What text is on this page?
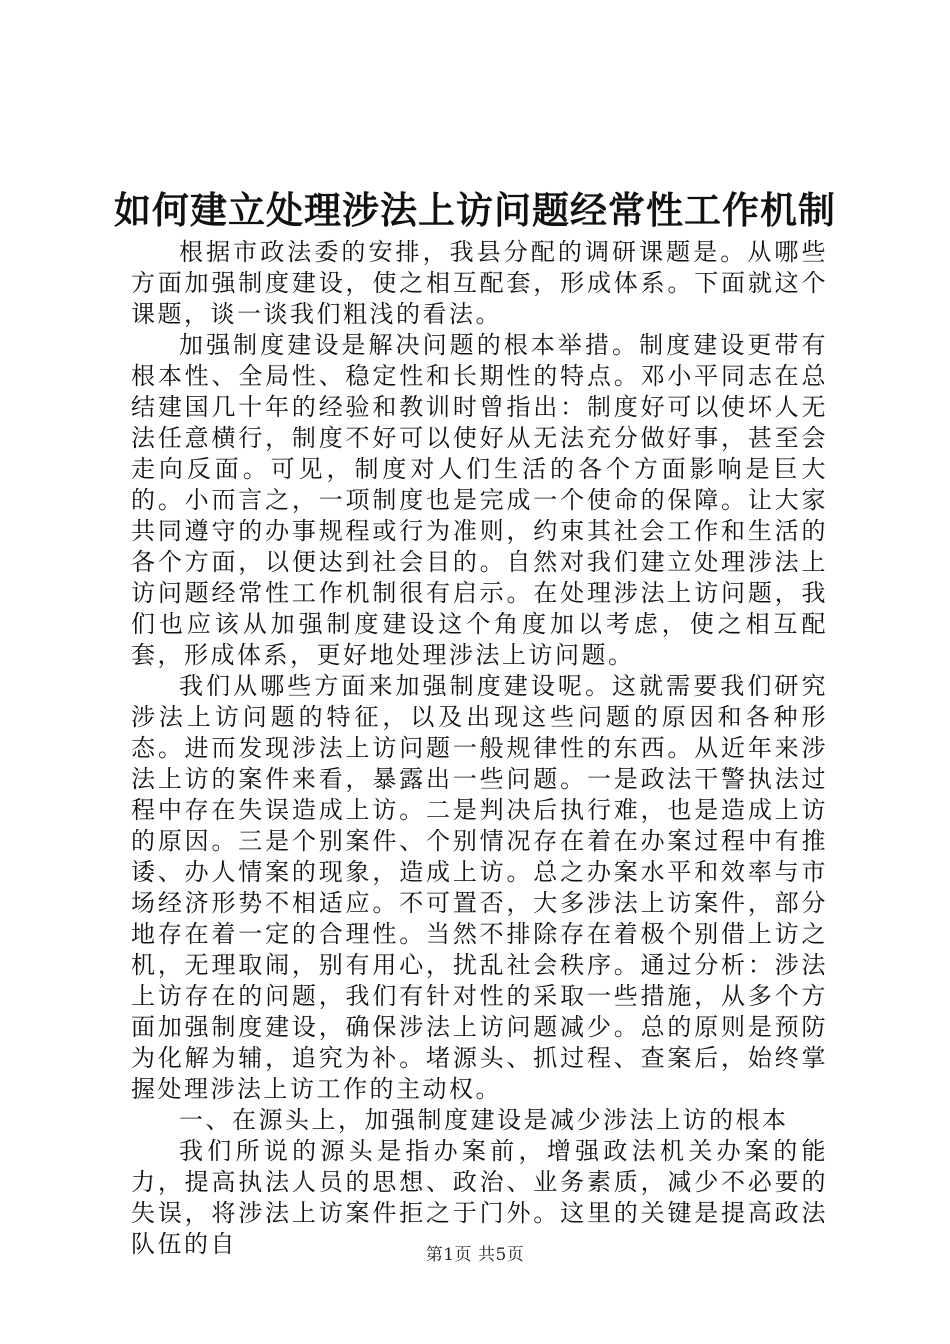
如何建立处理涉法上访问题经常性工作机制

根据市政法委的安排，我县分配的调研课题是。从哪些方面加强制度建设，使之相互配套，形成体系。下面就这个课题，谈一谈我们粗浅的看法。

加强制度建设是解决问题的根本举措。制度建设更带有根本性、全局性、稳定性和长期性的特点。邓小平同志在总结建国几十年的经验和教训时曾指出：制度好可以使坏人无法任意横行，制度不好可以使好从无法充分做好事，甚至会走向反面。可见，制度对人们生活的各个方面影响是巨大的。小而言之，一项制度也是完成一个使命的保障。让大家共同遵守的办事规程或行为准则，约束其社会工作和生活的各个方面，以便达到社会目的。自然对我们建立处理涉法上访问题经常性工作机制很有启示。在处理涉法上访问题，我们也应该从加强制度建设这个角度加以考虑，使之相互配套，形成体系，更好地处理涉法上访问题。

我们从哪些方面来加强制度建设呢。这就需要我们研究涉法上访问题的特征，以及出现这些问题的原因和各种形态。进而发现涉法上访问题一般规律性的东西。从近年来涉法上访的案件来看，暴露出一些问题。一是政法干警执法过程中存在失误造成上访。二是判决后执行难，也是造成上访的原因。三是个别案件、个别情况存在着在办案过程中有推诿、办人情案的现象，造成上访。总之办案水平和效率与市场经济形势不相适应。不可置否，大多涉法上访案件，部分地存在着一定的合理性。当然不排除存在着极个别借上访之机，无理取闹，别有用心，扰乱社会秩序。通过分析：涉法上访存在的问题，我们有针对性的采取一些措施，从多个方面加强制度建设，确保涉法上访问题减少。总的原则是预防为化解为辅，追究为补。堵源头、抓过程、查案后，始终掌握处理涉法上访工作的主动权。

一、在源头上，加强制度建设是减少涉法上访的根本

我们所说的源头是指办案前，增强政法机关办案的能力，提高执法人员的思想、政治、业务素质，减少不必要的失误，将涉法上访案件拒之于门外。这里的关键是提高政法队伍的自	第1页 共5页
